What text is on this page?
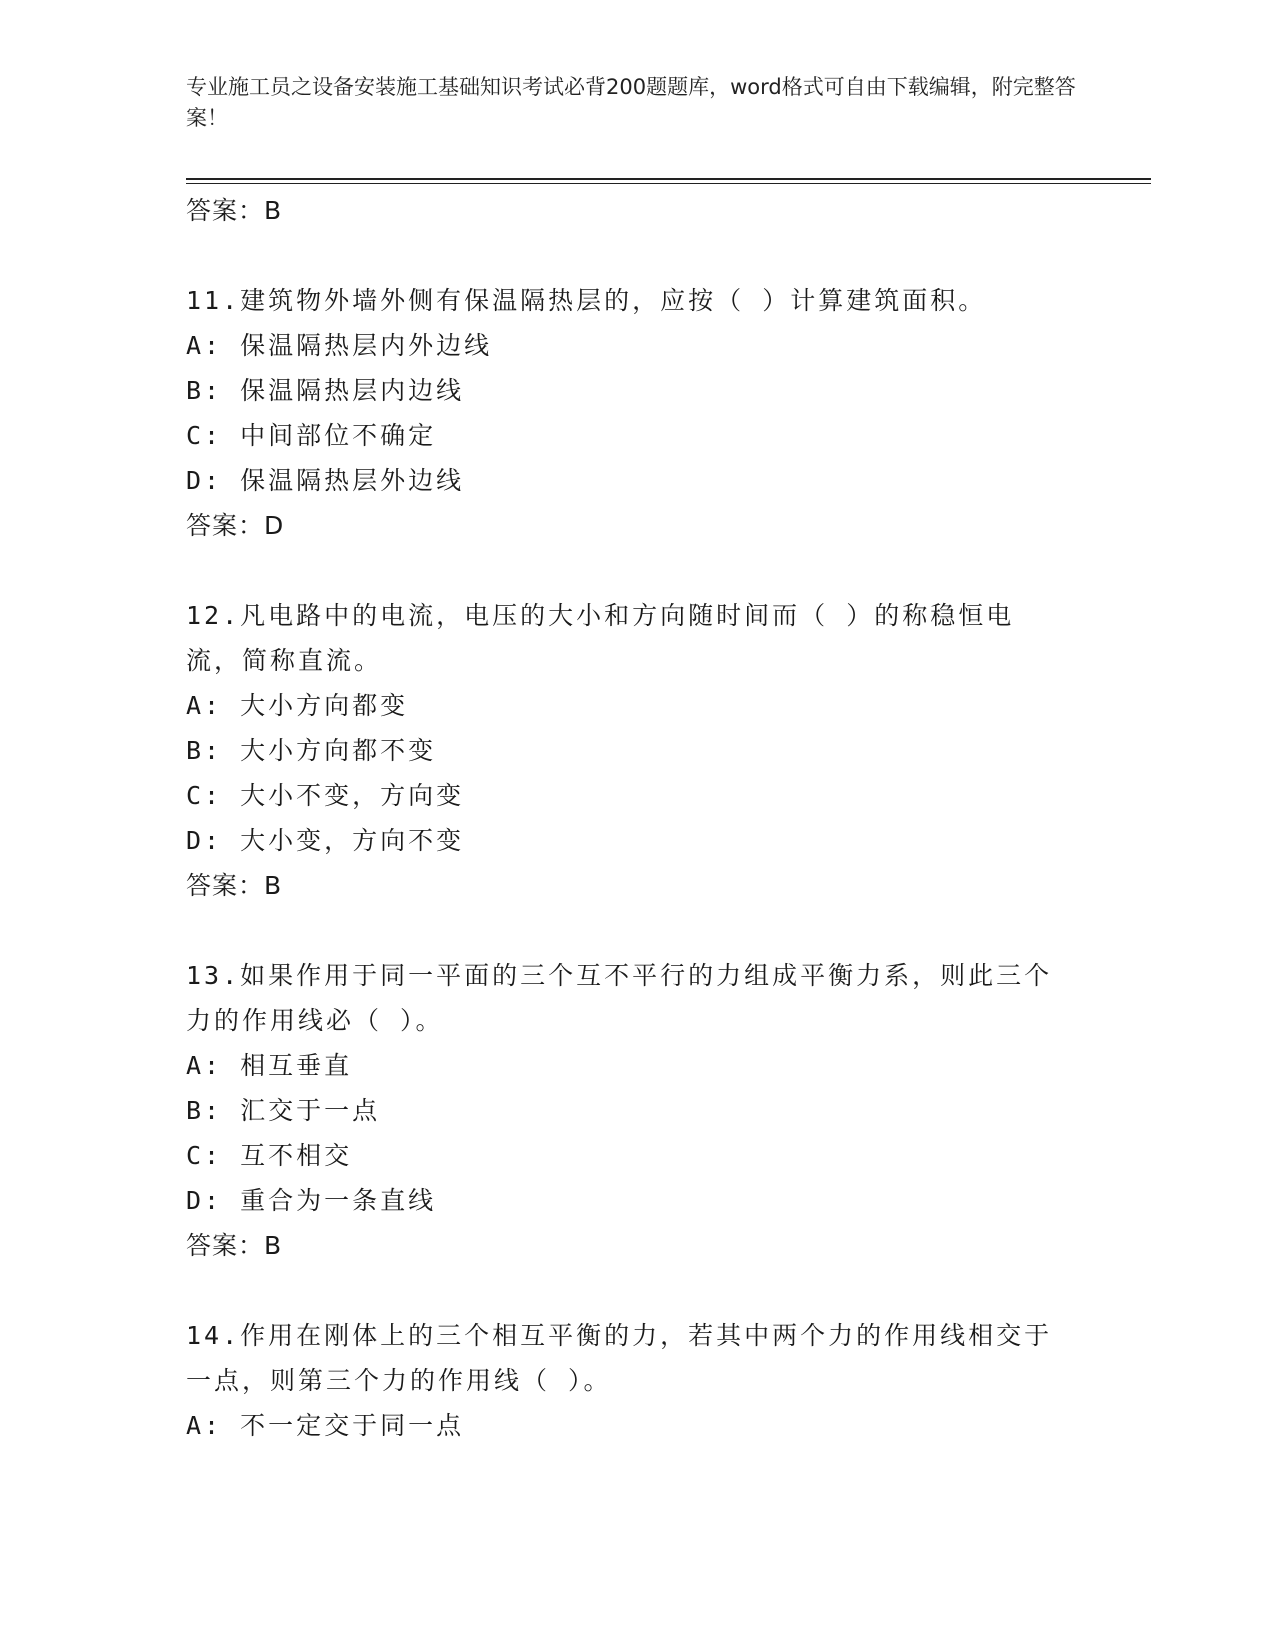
专业施工员之设备安装施工基础知识考试必背200题题库，word格式可自由下载编辑，附完整答案！
答案：B
11.建筑物外墙外侧有保温隔热层的，应按（ ）计算建筑面积。
A: 保温隔热层内外边线
B: 保温隔热层内边线
C: 中间部位不确定
D: 保温隔热层外边线
答案：D
12.凡电路中的电流，电压的大小和方向随时间而（ ）的称稳恒电流，简称直流。
A: 大小方向都变
B: 大小方向都不变
C: 大小不变，方向变
D: 大小变，方向不变
答案：B
13.如果作用于同一平面的三个互不平行的力组成平衡力系，则此三个力的作用线必（ ）。
A: 相互垂直
B: 汇交于一点
C: 互不相交
D: 重合为一条直线
答案：B
14.作用在刚体上的三个相互平衡的力，若其中两个力的作用线相交于一点，则第三个力的作用线（ ）。
A: 不一定交于同一点
